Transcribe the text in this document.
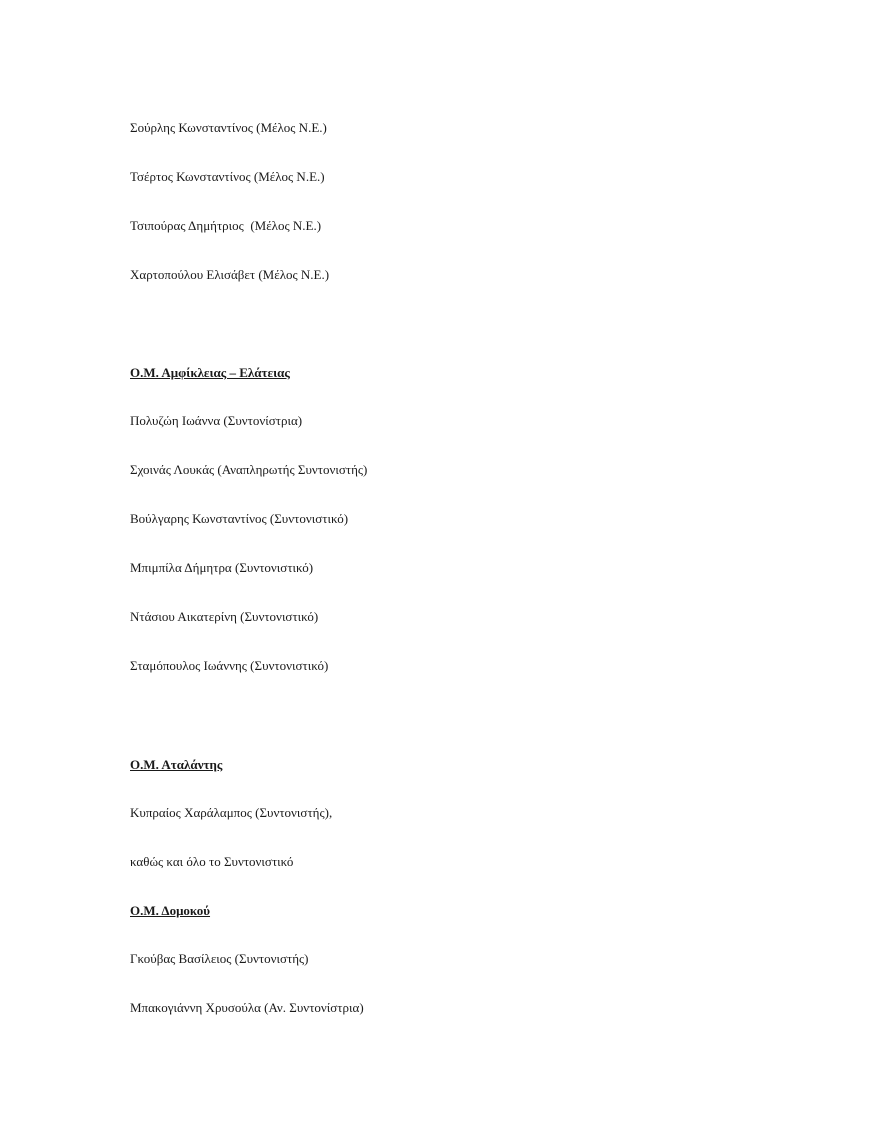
Σούρλης Κωνσταντίνος (Μέλος Ν.Ε.)
Τσέρτος Κωνσταντίνος (Μέλος Ν.Ε.)
Τσιπούρας Δημήτριος  (Μέλος Ν.Ε.)
Χαρτοπούλου Ελισάβετ (Μέλος Ν.Ε.)
Ο.Μ. Αμφίκλειας – Ελάτειας
Πολυζώη Ιωάννα (Συντονίστρια)
Σχοινάς Λουκάς (Αναπληρωτής Συντονιστής)
Βούλγαρης Κωνσταντίνος (Συντονιστικό)
Μπιμπίλα Δήμητρα (Συντονιστικό)
Ντάσιου Αικατερίνη (Συντονιστικό)
Σταμόπουλος Ιωάννης (Συντονιστικό)
Ο.Μ. Αταλάντης
Κυπραίος Χαράλαμπος (Συντονιστής),
καθώς και όλο το Συντονιστικό
Ο.Μ. Δομοκού
Γκούβας Βασίλειος (Συντονιστής)
Μπακογιάννη Χρυσούλα (Αν. Συντονίστρια)
